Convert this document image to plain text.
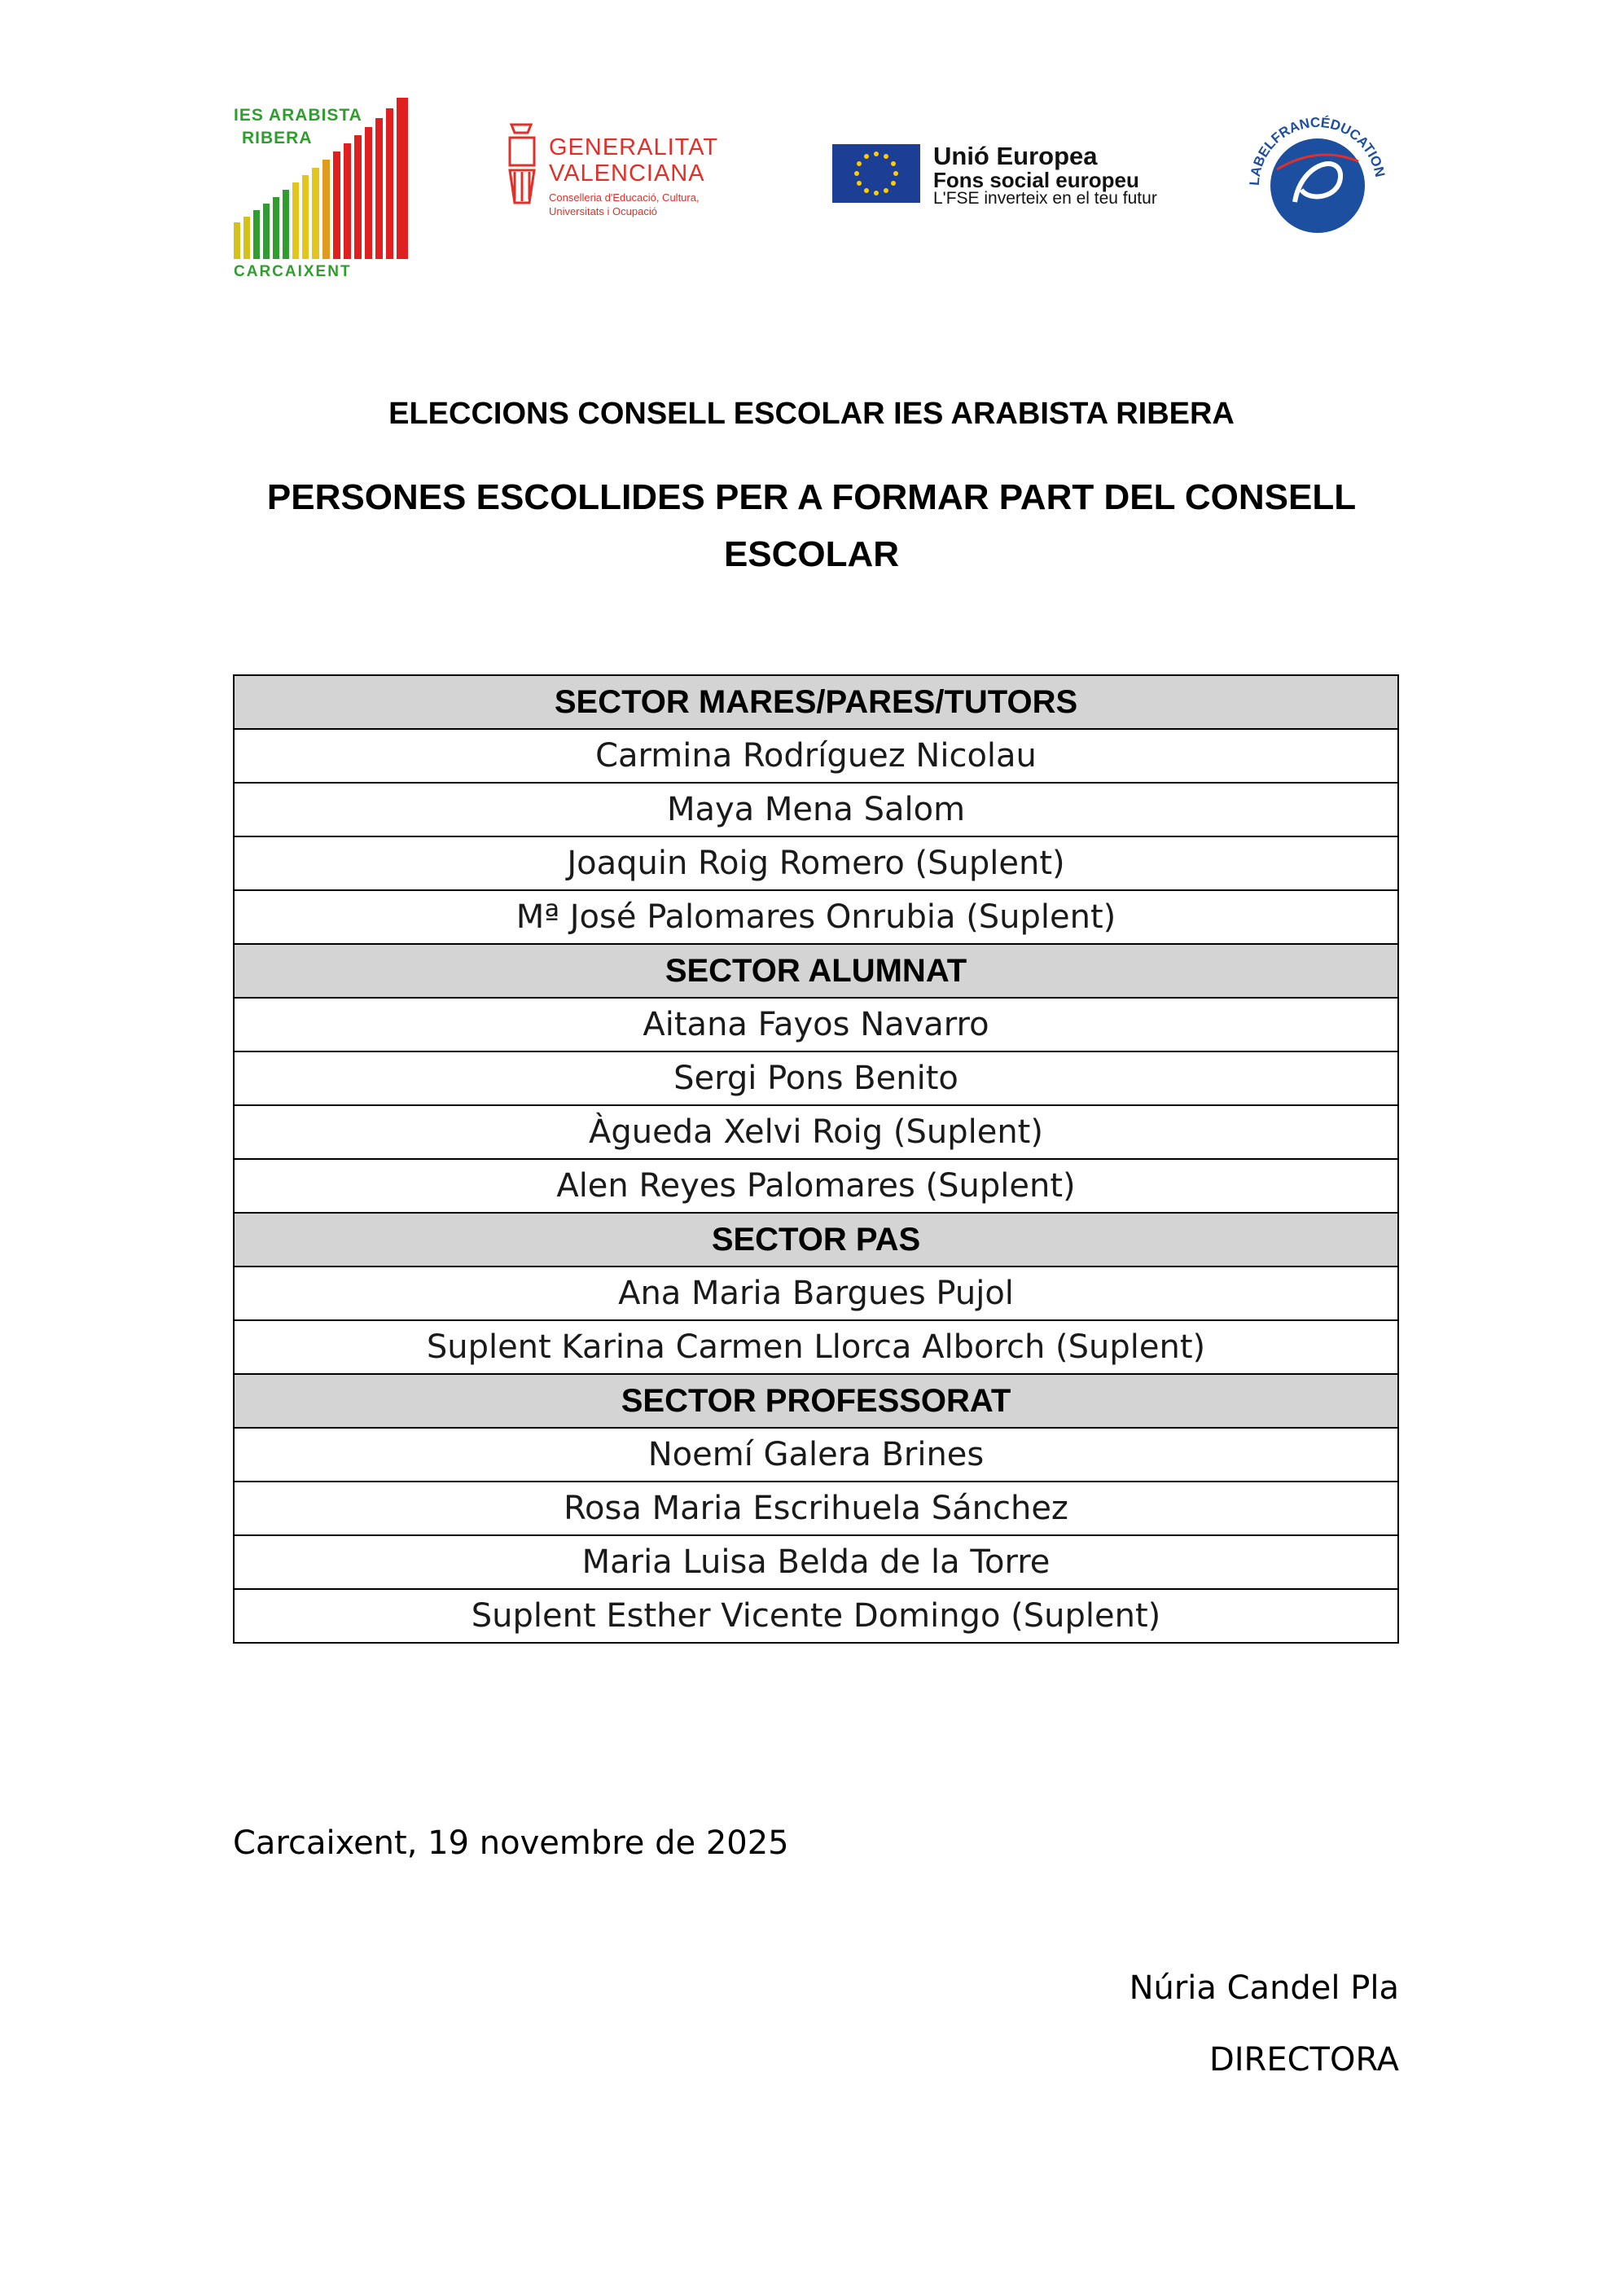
IES ARABISTA
RIBERA
CARCAIXENT
GENERALITAT
VALENCIANA
Conselleria d'Educació, Cultura,
Universitats i Ocupació
Unió Europea
Fons social europeu
L'FSE inverteix en el teu futur
LABELFRANCÉDUCATION
ELECCIONS CONSELL ESCOLAR IES ARABISTA RIBERA
PERSONES ESCOLLIDES PER A FORMAR PART DEL CONSELL
ESCOLAR
SECTOR MARES/PARES/TUTORS
Carmina Rodríguez Nicolau
Maya Mena Salom
Joaquin Roig Romero (Suplent)
Mª José Palomares Onrubia (Suplent)
SECTOR ALUMNAT
Aitana Fayos Navarro
Sergi Pons Benito
Àgueda Xelvi Roig (Suplent)
Alen Reyes Palomares (Suplent)
SECTOR PAS
Ana Maria Bargues Pujol
Suplent Karina Carmen Llorca Alborch (Suplent)
SECTOR PROFESSORAT
Noemí Galera Brines
Rosa Maria Escrihuela Sánchez
Maria Luisa Belda de la Torre
Suplent Esther Vicente Domingo (Suplent)
Carcaixent, 19 novembre de 2025
Núria Candel Pla
DIRECTORA
